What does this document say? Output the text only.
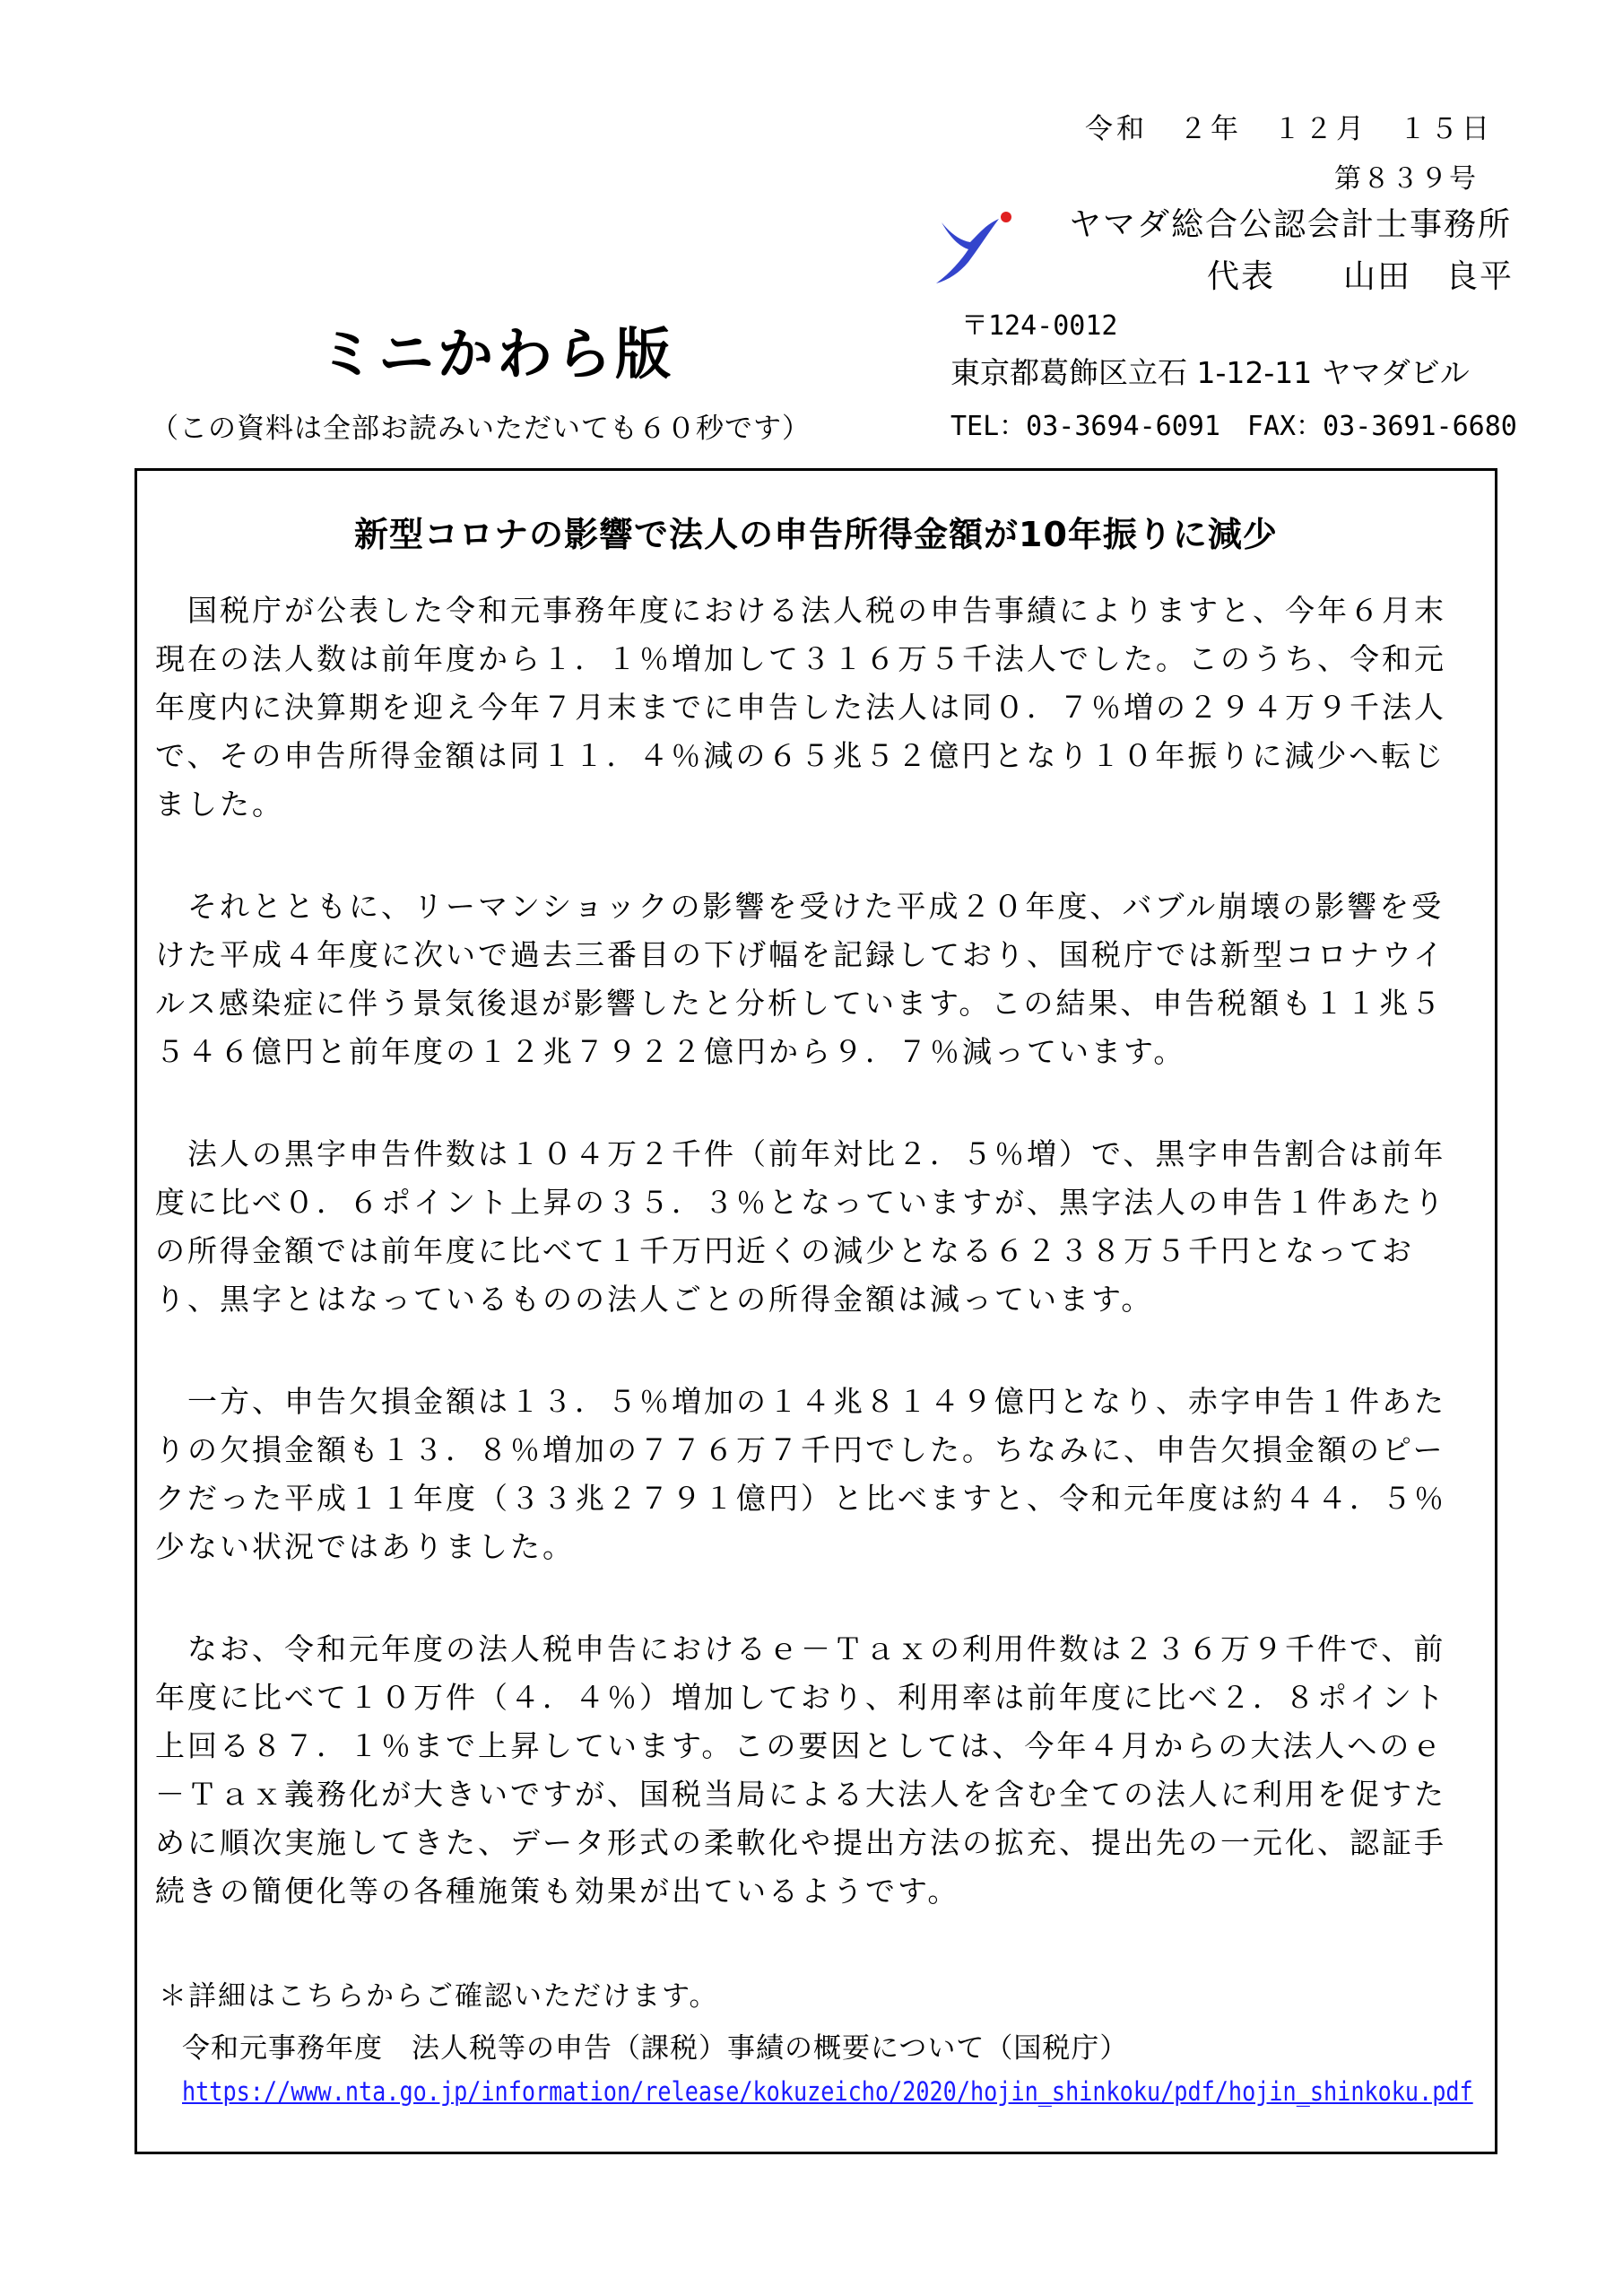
令和　２年　１２月　１５日
第８３９号
ヤマダ総合公認会計士事務所
代表　　山田　良平
〒124-0012
東京都葛飾区立石 1-12-11 ヤマダビル
TEL：03-3694-6091　FAX：03-3691-6680
ミニかわら版
（この資料は全部お読みいただいても６０秒です）
新型コロナの影響で法人の申告所得金額が10年振りに減少
　国税庁が公表した令和元事務年度における法人税の申告事績によりますと、今年６月末
現在の法人数は前年度から１．１％増加して３１６万５千法人でした。このうち、令和元
年度内に決算期を迎え今年７月末までに申告した法人は同０．７％増の２９４万９千法人
で、その申告所得金額は同１１．４％減の６５兆５２億円となり１０年振りに減少へ転じ
ました。
　それとともに、リーマンショックの影響を受けた平成２０年度、バブル崩壊の影響を受
けた平成４年度に次いで過去三番目の下げ幅を記録しており、国税庁では新型コロナウイ
ルス感染症に伴う景気後退が影響したと分析しています。この結果、申告税額も１１兆５
５４６億円と前年度の１２兆７９２２億円から９．７％減っています。
　法人の黒字申告件数は１０４万２千件（前年対比２．５％増）で、黒字申告割合は前年
度に比べ０．６ポイント上昇の３５．３％となっていますが、黒字法人の申告１件あたり
の所得金額では前年度に比べて１千万円近くの減少となる６２３８万５千円となってお
り、黒字とはなっているものの法人ごとの所得金額は減っています。
　一方、申告欠損金額は１３．５％増加の１４兆８１４９億円となり、赤字申告１件あた
りの欠損金額も１３．８％増加の７７６万７千円でした。ちなみに、申告欠損金額のピー
クだった平成１１年度（３３兆２７９１億円）と比べますと、令和元年度は約４４．５％
少ない状況ではありました。
　なお、令和元年度の法人税申告におけるｅ－Ｔａｘの利用件数は２３６万９千件で、前
年度に比べて１０万件（４．４％）増加しており、利用率は前年度に比べ２．８ポイント
上回る８７．１％まで上昇しています。この要因としては、今年４月からの大法人へのｅ
－Ｔａｘ義務化が大きいですが、国税当局による大法人を含む全ての法人に利用を促すた
めに順次実施してきた、データ形式の柔軟化や提出方法の拡充、提出先の一元化、認証手
続きの簡便化等の各種施策も効果が出ているようです。
＊詳細はこちらからご確認いただけます。
令和元事務年度　法人税等の申告（課税）事績の概要について（国税庁）
https://www.nta.go.jp/information/release/kokuzeicho/2020/hojin_shinkoku/pdf/hojin_shinkoku.pdf
